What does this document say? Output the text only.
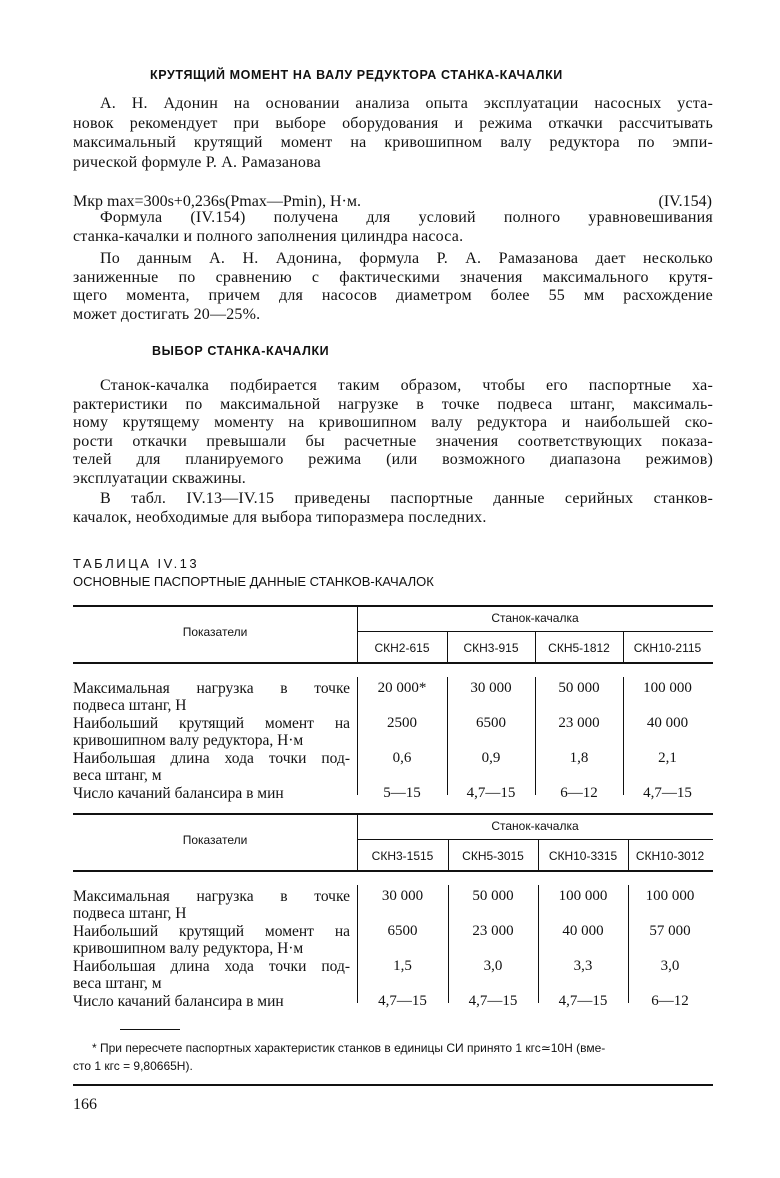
КРУТЯЩИЙ МОМЕНТ НА ВАЛУ РЕДУКТОРА СТАНКА-КАЧАЛКИ
Mкр max=300s+0,236s(Pmax—Pmin), Н·м.	(IV.154)
ВЫБОР СТАНКА-КАЧАЛКИ
ТАБЛИЦА IV.13
ОСНОВНЫЕ ПАСПОРТНЫЕ ДАННЫЕ СТАНКОВ-КАЧАЛОК
166
А. Н. Адонин на основании анализа опыта эксплуатации насосных уста-
новок рекомендует при выборе оборудования и режима откачки рассчитывать
максимальный крутящий момент на кривошипном валу редуктора по эмпи-
рической формуле Р. А. Рамазанова
Формула (IV.154) получена для условий полного уравновешивания
станка-качалки и полного заполнения цилиндра насоса.
По данным А. Н. Адонина, формула Р. А. Рамазанова дает несколько
заниженные по сравнению с фактическими значения максимального крутя-
щего момента, причем для насосов диаметром более 55 мм расхождение
может достигать 20—25%.
Станок-качалка подбирается таким образом, чтобы его паспортные ха-
рактеристики по максимальной нагрузке в точке подвеса штанг, максималь-
ному крутящему моменту на кривошипном валу редуктора и наибольшей ско-
рости откачки превышали бы расчетные значения соответствующих показа-
телей для планируемого режима (или возможного диапазона режимов)
эксплуатации скважины.
В табл. IV.13—IV.15 приведены паспортные данные серийных станков-
качалок, необходимые для выбора типоразмера последних.
* При пересчете паспортных характеристик станков в единицы СИ принято 1 кгс≃10Н (вме-
сто 1 кгс = 9,80665Н).
Показатели
Станок-качалка
СКН2-615	СКН3-915	СКН5-1812	СКН10-2115
Максимальная нагрузка в точке
подвеса штанг, Н
20 000*	30 000	50 000	100 000
Наибольший крутящий момент на
кривошипном валу редуктора, Н·м
2500	6500	23 000	40 000
Наибольшая длина хода точки под-
веса штанг, м
0,6	0,9	1,8	2,1
Число качаний балансира в мин	5—15	4,7—15	6—12	4,7—15
Показатели
Станок-качалка
СКН3-1515	СКН5-3015	СКН10-3315	СКН10-3012
Максимальная нагрузка в точке
подвеса штанг, Н
30 000	50 000	100 000	100 000
Наибольший крутящий момент на
кривошипном валу редуктора, Н·м
6500	23 000	40 000	57 000
Наибольшая длина хода точки под-
веса штанг, м
1,5	3,0	3,3	3,0
Число качаний балансира в мин	4,7—15	4,7—15	4,7—15	6—12
